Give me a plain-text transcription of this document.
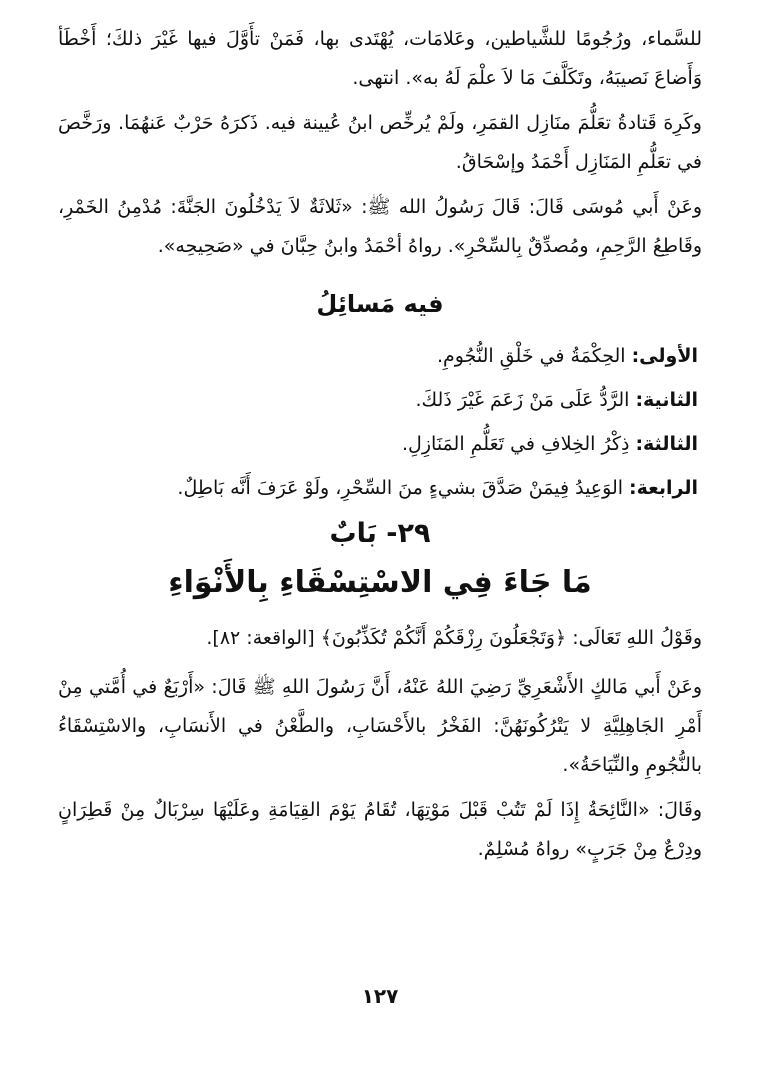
للسَّماء، ورُجُومًا للشَّياطين، وعَلامَات، يُهْتَدى بها، فَمَنْ تأَوَّلَ فيها غَيْرَ ذلكَ؛ أَخْطَأ وَأَضاعَ نَصيبَهُ، وتَكَلَّفَ مَا لاَ علْمَ لَهُ به». انتهى.

وكَرِهَ قَتادةُ تعَلُّمَ منَازِل القمَرِ، ولَمْ يُرخِّص ابنُ عُيينة فيه. ذَكرَهُ حَرْبٌ عَنهُمَا. ورَخَّصَ في تعَلُّمِ المَنَازِل أَحْمَدُ وإسْحَاقُ.

وعَنْ أَبي مُوسَى قَالَ: قَالَ رَسُولُ الله ﷺ: «ثَلاثَةٌ لاَ يَدْخُلُونَ الجَنَّةَ: مُدْمِنُ الخَمْرِ، وقَاطِعُ الرَّحِمِ، ومُصدِّقٌ بِالسِّحْرِ». رواهُ أحْمَدُ وابنُ حِبَّانَ في «صَحِيحِه».

فيه مَسائِلُ
الأولى:الحِكْمَةُ في خَلْقِ النُّجُومِ.
الثانية:الرَّدُّ عَلَى مَنْ زَعَمَ غَيْرَ ذَلكَ.
الثالثة:ذِكْرُ الخِلافِ في تَعَلُّمِ المَنَازِلِ.
الرابعة:الوَعِيدُ فِيمَنْ صَدَّقَ بشيءٍ منَ السِّحْرِ، ولَوْ عَرَفَ أَنَّه بَاطِلٌ.
٢٩- بَابٌ
مَا جَاءَ فِي الاسْتِسْقَاءِ بِالأَنْوَاءِ

وقَوْلُ اللهِ تَعَالَى: ﴿وَتَجْعَلُونَ رِزْقَكُمْ أَنَّكُمْ تُكَذِّبُونَ﴾ [الواقعة: ٨٢].

وعَنْ أَبي مَالكٍ الأَشْعَرِيِّ رَضِيَ اللهُ عَنْهُ، أَنَّ رَسُولَ اللهِ ﷺ قَالَ: «أَرْبَعٌ في أُمَّتي مِنْ أَمْرِ الجَاهِلِيَّةِ لا يَتْرُكُونَهُنَّ: الفَخْرُ بالأَحْسَابِ، والطَّعْنُ في الأَنسَابِ، والاسْتِسْقَاءُ بالنُّجُومِ والنِّيَاحَةُ».

وقَالَ: «النَّائِحَةُ إِذَا لَمْ تَتُبْ قَبْلَ مَوْتِهَا، تُقَامُ يَوْمَ القِيَامَةِ وعَلَيْهَا سِرْبَالٌ مِنْ قَطِرَانٍ ودِرْعٌ مِنْ جَرَبٍ» رواهُ مُسْلِمٌ.

١٢٧
